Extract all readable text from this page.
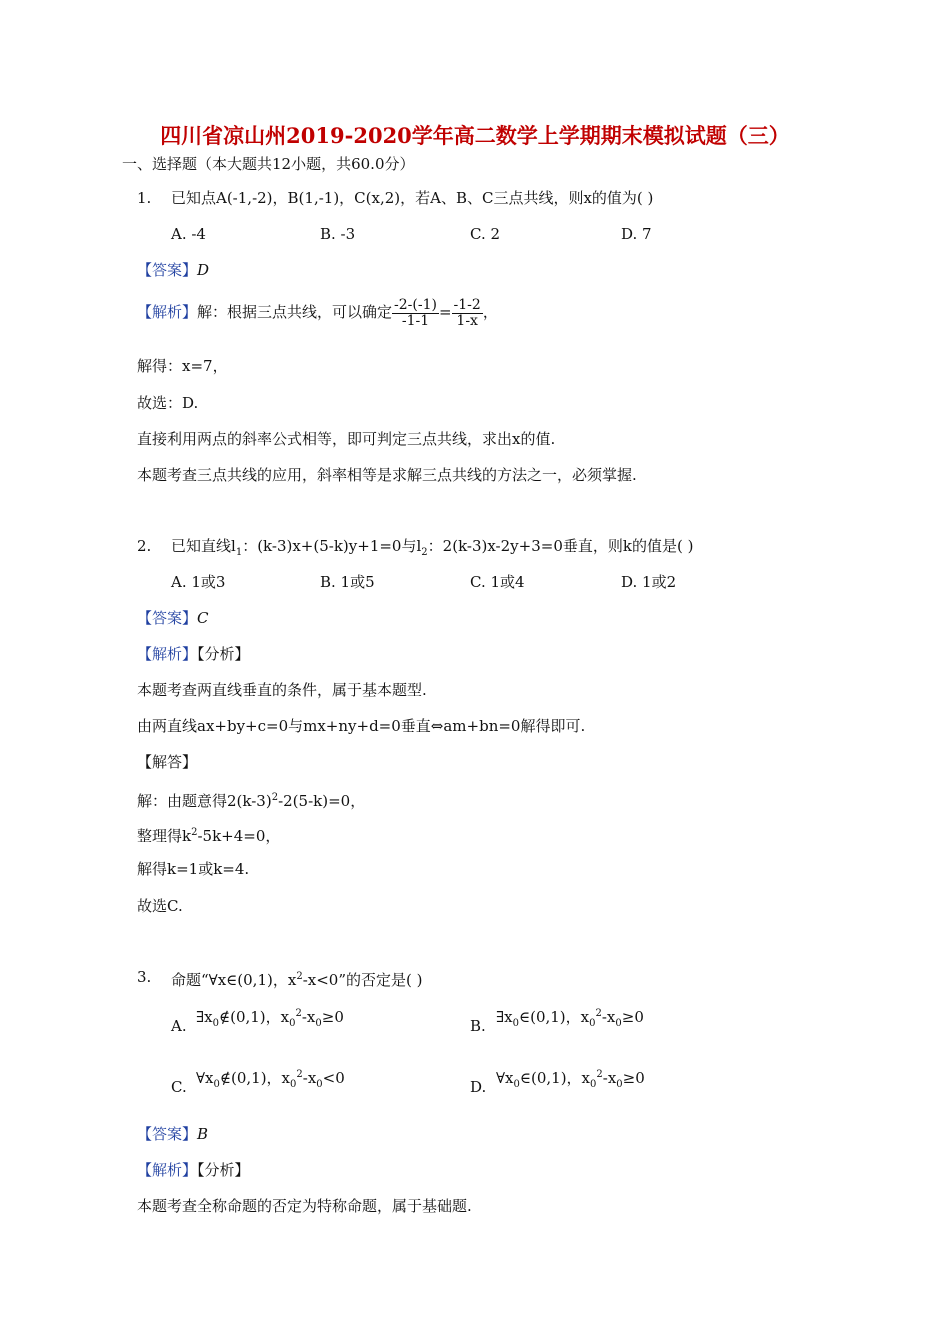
四川省凉山州2019-2020学年高二数学上学期期末模拟试题（三）
一、选择题（本大题共12小题，共60.0分）
1. 已知点A(-1,-2)，B(1,-1)，C(x,2)，若A、B、C三点共线，则x的值为( )
A. -4	B. -3	C. 2	D. 7
【答案】D
【解析】解：根据三点共线，可以确定 $\frac{-2-(-1)}{-1-1} = \frac{-1-2}{1-x}$ ，
解得：x=7，
故选：D.
直接利用两点的斜率公式相等，即可判定三点共线，求出x的值.
本题考查三点共线的应用，斜率相等是求解三点共线的方法之一，必须掌握.
2. 已知直线$l_1$：(k-3)x+(5-k)y+1=0与$l_2$：2(k-3)x-2y+3=0垂直，则k的值是( )
A. 1或3	B. 1或5	C. 1或4	D. 1或2
【答案】C
【解析】【分析】
本题考查两直线垂直的条件，属于基本题型.
由两直线ax+by+c=0与mx+ny+d=0垂直⇔am+bn=0解得即可.
【解答】
解：由题意得$2(k-3)^2-2(5-k)=0$，
整理得$k^2-5k+4=0$，
解得k=1或k=4.
故选C.
3. 命题“∀x∈(0,1)，$x^2-x<0$”的否定是( )
A. $\exists x_0\notin(0,1)$，$x_0^2-x_0\ge 0$	B. $\exists x_0\in(0,1)$，$x_0^2-x_0\ge 0$
C. $\forall x_0\notin(0,1)$，$x_0^2-x_0<0$	D. $\forall x_0\in(0,1)$，$x_0^2-x_0\ge 0$
【答案】B
【解析】【分析】
本题考查全称命题的否定为特称命题，属于基础题.
